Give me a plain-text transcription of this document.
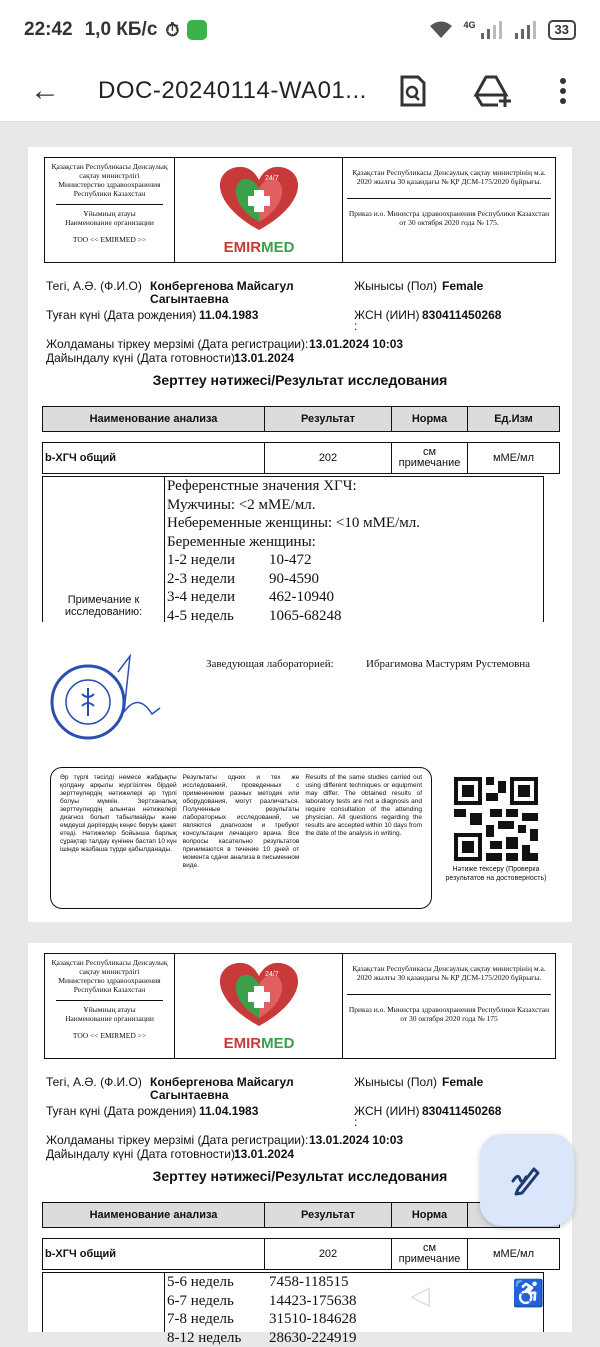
22:42 1,0 КБ/с ⏱	4G	33
←	DOC-20240114-WA01...
Қазақстан Республикасы Денсаулық сақтау министрлігі
Министерство здравоохранения Республики Казахстан
Ұйымның атауы
Наименование организации
ТОО << EMIRMED >>
24/7
EMIRMED
Қазақстан Республикасы Денсаулық сақтау министрінің м.а. 2020 жылғы 30 қазандағы № ҚР ДСМ-175/2020 бұйрығы.
Приказ и.о. Министра здравоохранения Республики Казахстан от 30 октября 2020 года № 175.
Тегі, А.Ә. (Ф.И.О) Конбергенова Майсагул
Сагынтаевна
Жынысы (Пол) Female
Туған күні (Дата рождения) 11.04.1983	ЖСН (ИИН) 830411450268
:
Жолдаманы тіркеу мерзімі (Дата регистрации): 13.01.2024 10:03
Дайындалу күні (Дата готовности):
13.01.2024
Зерттеу нәтижесі/Результат исследования
Наименование анализа	Результат	Норма	Ед.Изм
b-ХГЧ общий	202	см примечание	мМЕ/мл
Примечание к исследованию:
Референстные значения ХГЧ:
Мужчины: <2 мМЕ/мл.
Небеременные женщины: <10 мМЕ/мл.
Беременные женщины:
1-2 недели 10-472
2-3 недели 90-4590
3-4 недели 462-10940
4-5 недель 1065-68248
Заведующая лабораторией:	Ибрагимова Мастурям Рустемовна
Әр түрлі тәсілді немесе жабдықты қолдану арқылы жүргізілген бірдей зерттеулердің нәтижелері әр түрлі болуы мүмкін. Зертханалық зерттеулердің алынған нәтижелері диагноз болып табылмайды және емдеуші дәрігердің кеңес беруін қажет етеді. Нәтижелер бойынша барлық сұрақтар талдау күнінен бастап 10 күн ішінде жазбаша түрде қабылданады.
Результаты одних и тех же исследований, проведенных с применением разных методик или оборудования, могут различаться. Полученные результаты лабораторных исследований, не являются диагнозом и требуют консультации лечащего врача. Все вопросы касательно результатов принимаются в течение 10 дней от момента сдачи анализа в письменном виде.
Results of the same studies carried out using different techniques or equipment may differ. The obtained results of laboratory tests are not a diagnosis and require consultation of the attending physician. All questions regarding the results are accepted within 10 days from the date of the analysis in writing.
Нәтиже тексеру (Проверка результатов на достоверность)
Қазақстан Республикасы Денсаулық сақтау министрлігі
Министерство здравоохранения Республики Казахстан
Ұйымның атауы
Наименование организации
ТОО << EMIRMED >>
24/7
EMIRMED
Қазақстан Республикасы Денсаулық сақтау министрінің м.а. 2020 жылғы 30 қазандағы № ҚР ДСМ-175/2020 бұйрығы.
Приказ и.о. Министра здравоохранения Республики Казахстан от 30 октября 2020 года № 175
Тегі, А.Ә. (Ф.И.О) Конбергенова Майсагул
Сагынтаевна
Жынысы (Пол) Female
Туған күні (Дата рождения) 11.04.1983	ЖСН (ИИН) 830411450268
:
Жолдаманы тіркеу мерзімі (Дата регистрации): 13.01.2024 10:03
Дайындалу күні (Дата готовности):
13.01.2024
Зерттеу нәтижесі/Результат исследования
Наименование анализа	Результат	Норма
b-ХГЧ общий	202	см примечание	мМЕ/мл
5-6 недель 7458-118515
6-7 недель 14423-175638
7-8 недель 31510-184628
8-12 недель 28630-224919
◁	♿
